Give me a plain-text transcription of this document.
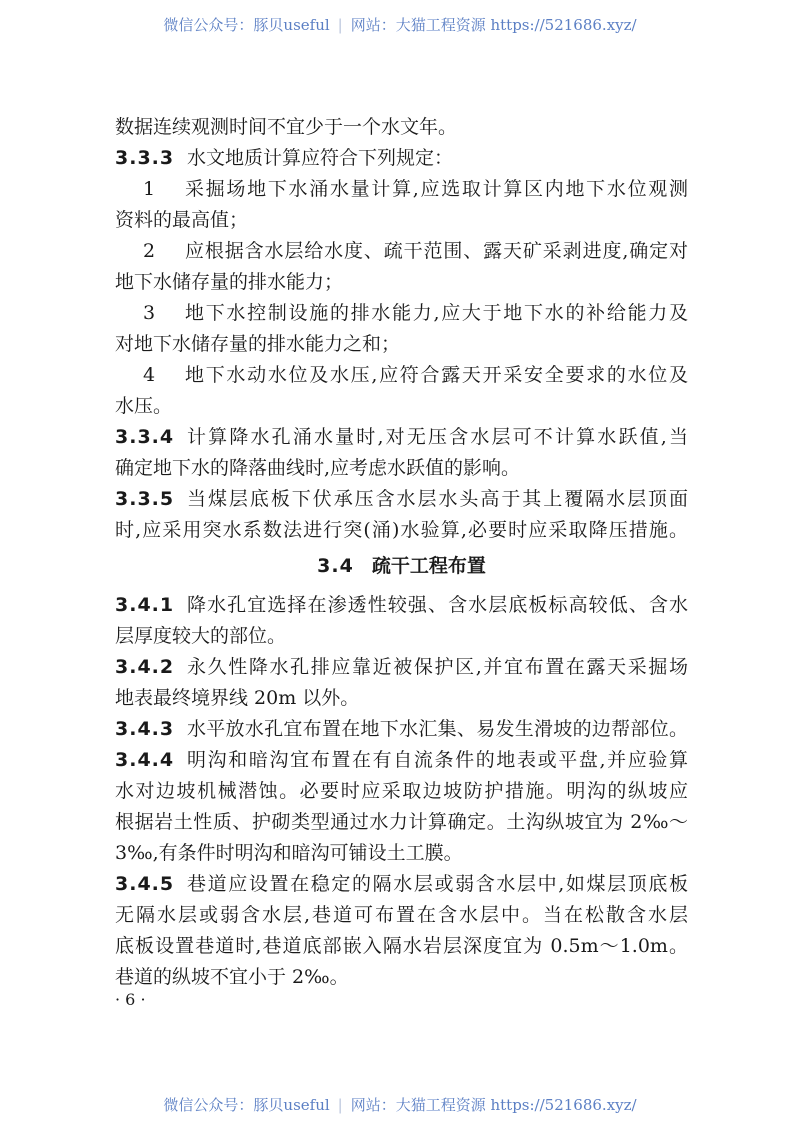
微信公众号：豚贝useful | 网站：大猫工程资源 https://521686.xyz/
数据连续观测时间不宜少于一个水文年。
3.3.3 水文地质计算应符合下列规定：
1	采掘场地下水涌水量计算,应选取计算区内地下水位观测
资料的最高值；
2	应根据含水层给水度、疏干范围、露天矿采剥进度,确定对
地下水储存量的排水能力；
3	地下水控制设施的排水能力,应大于地下水的补给能力及
对地下水储存量的排水能力之和；
4	地下水动水位及水压,应符合露天开采安全要求的水位及
水压。
3.3.4 计算降水孔涌水量时,对无压含水层可不计算水跃值,当
确定地下水的降落曲线时,应考虑水跃值的影响。
3.3.5 当煤层底板下伏承压含水层水头高于其上覆隔水层顶面
时,应采用突水系数法进行突(涌)水验算,必要时应采取降压措施。
3.4 疏干工程布置
3.4.1 降水孔宜选择在渗透性较强、含水层底板标高较低、含水
层厚度较大的部位。
3.4.2 永久性降水孔排应靠近被保护区,并宜布置在露天采掘场
地表最终境界线 20m 以外。
3.4.3 水平放水孔宜布置在地下水汇集、易发生滑坡的边帮部位。
3.4.4 明沟和暗沟宜布置在有自流条件的地表或平盘,并应验算
水对边坡机械潜蚀。必要时应采取边坡防护措施。明沟的纵坡应
根据岩土性质、护砌类型通过水力计算确定。土沟纵坡宜为 2‰～
3‰,有条件时明沟和暗沟可铺设土工膜。
3.4.5 巷道应设置在稳定的隔水层或弱含水层中,如煤层顶底板
无隔水层或弱含水层,巷道可布置在含水层中。当在松散含水层
底板设置巷道时,巷道底部嵌入隔水岩层深度宜为 0.5m～1.0m。
巷道的纵坡不宜小于 2‰。
· 6 ·
微信公众号：豚贝useful | 网站：大猫工程资源 https://521686.xyz/
